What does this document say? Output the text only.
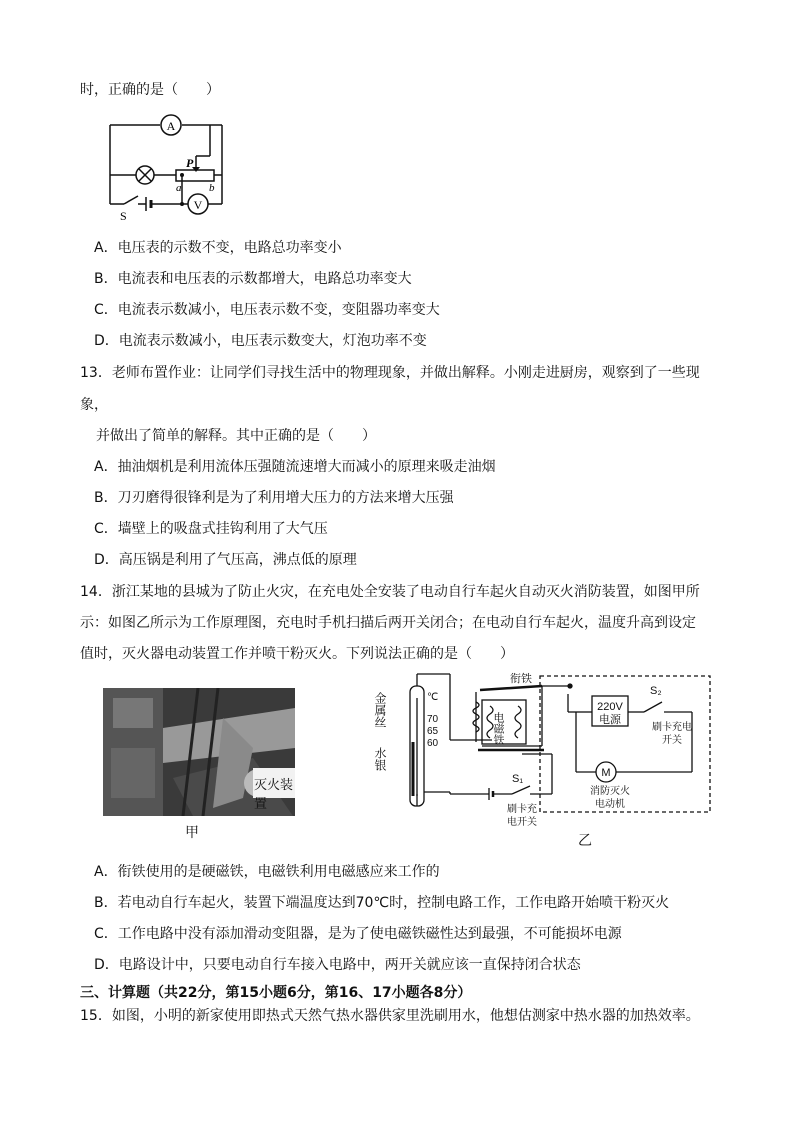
时，正确的是（　　）
A
V
P
a	b
S
A．电压表的示数不变，电路总功率变小
B．电流表和电压表的示数都增大，电路总功率变大
C．电流表示数减小，电压表示数不变，变阻器功率变大
D．电流表示数减小，电压表示数变大，灯泡功率不变
13．老师布置作业：让同学们寻找生活中的物理现象，并做出解释。小刚走进厨房，观察到了一些现
象，
并做出了简单的解释。其中正确的是（　　）
A．抽油烟机是利用流体压强随流速增大而减小的原理来吸走油烟
B．刀刃磨得很锋利是为了利用增大压力的方法来增大压强
C．墙壁上的吸盘式挂钩利用了大气压
D．高压锅是利用了气压高，沸点低的原理
14．浙江某地的县城为了防止火灾，在充电处全安装了电动自行车起火自动灭火消防装置，如图甲所
示：如图乙所示为工作原理图，充电时手机扫描后两开关闭合；在电动自行车起火，温度升高到设定
值时，灭火器电动装置工作并喷干粉灭火。下列说法正确的是（　　）
灭火装置
甲
金属丝
水银
℃
70
65
60
衔铁
电磁铁
220V
电源
S₂
刷卡充电
开关
M
消防灭火
电动机
S₁
刷卡充
电开关
乙
A．衔铁使用的是硬磁铁，电磁铁利用电磁感应来工作的
B．若电动自行车起火，装置下端温度达到70℃时，控制电路工作，工作电路开始喷干粉灭火
C．工作电路中没有添加滑动变阻器，是为了使电磁铁磁性达到最强，不可能损坏电源
D．电路设计中，只要电动自行车接入电路中，两开关就应该一直保持闭合状态
三、计算题（共22分，第15小题6分，第16、17小题各8分）
15．如图，小明的新家使用即热式天然气热水器供家里洗刷用水，他想估测家中热水器的加热效率。
